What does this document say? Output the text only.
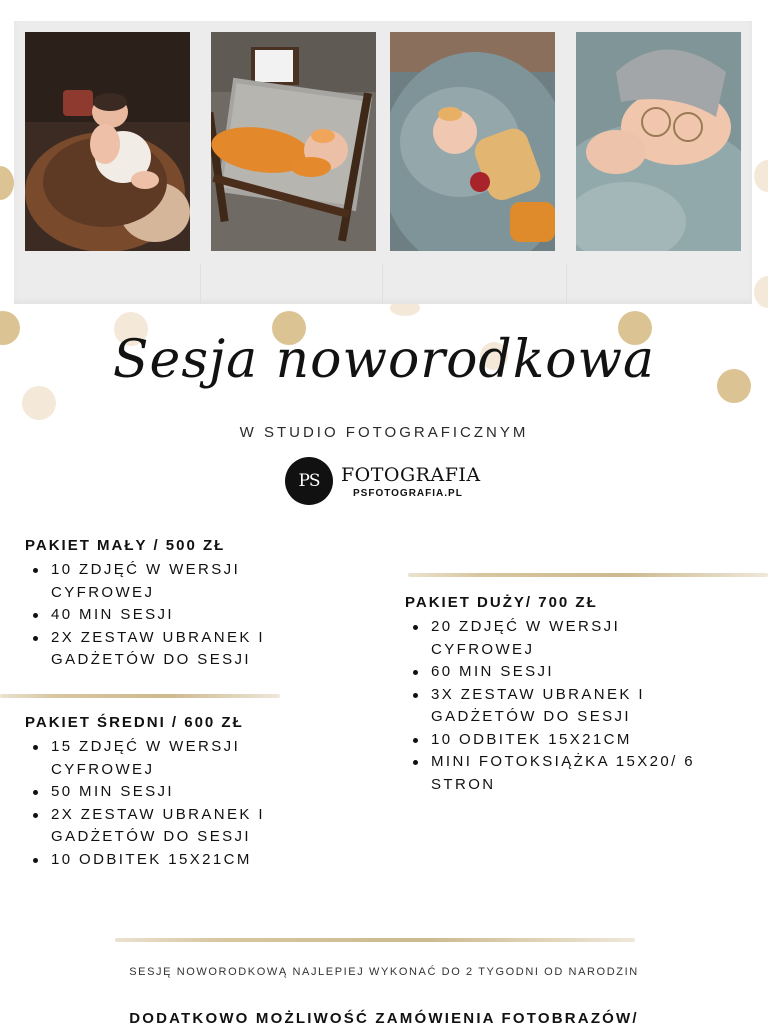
Sesja noworodkowa
W STUDIO FOTOGRAFICZNYM
PS	FOTOGRAFIA
PSFOTOGRAFIA.PL
PAKIET MAŁY / 500 ZŁ
10 ZDJĘĆ W WERSJI CYFROWEJ
40 MIN SESJI
2X ZESTAW UBRANEK I GADŻETÓW DO SESJI
PAKIET DUŻY/ 700 ZŁ
20 ZDJĘĆ W WERSJI CYFROWEJ
60 MIN SESJI
3X ZESTAW UBRANEK I GADŻETÓW DO SESJI
10 ODBITEK 15X21CM
MINI FOTOKSIĄŻKA 15X20/ 6 STRON
PAKIET ŚREDNI / 600 ZŁ
15 ZDJĘĆ W WERSJI CYFROWEJ
50 MIN SESJI
2X ZESTAW UBRANEK I GADŻETÓW DO SESJI
10 ODBITEK 15X21CM
SESJĘ NOWORODKOWĄ NAJLEPIEJ WYKONAĆ DO 2 TYGODNI OD NARODZIN
DODATKOWO MOŻLIWOŚĆ ZAMÓWIENIA FOTOBRAZÓW/
